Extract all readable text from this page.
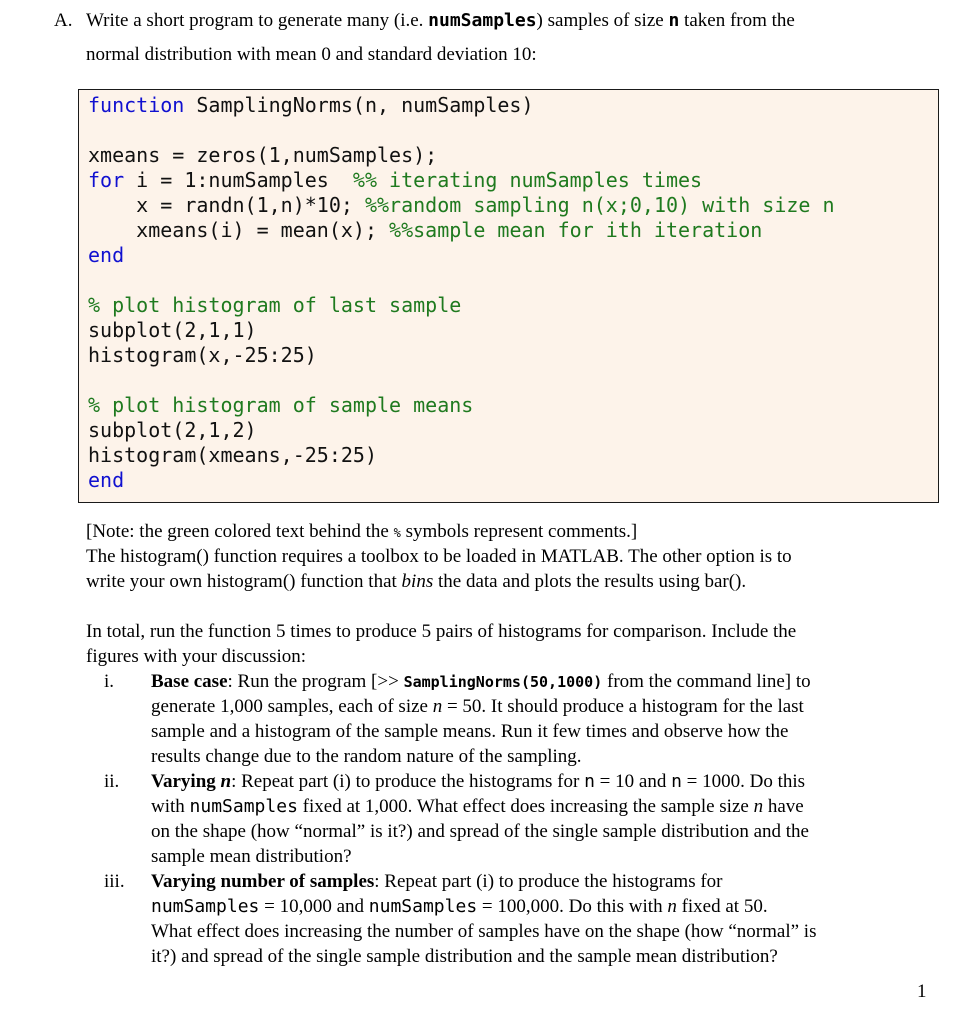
A. Write a short program to generate many (i.e. numSamples) samples of size n taken from the
normal distribution with mean 0 and standard deviation 10:
function SamplingNorms(n, numSamples)
xmeans = zeros(1,numSamples);
for i = 1:numSamples  %% iterating numSamples times
x = randn(1,n)*10; %%random sampling n(x;0,10) with size n
xmeans(i) = mean(x); %%sample mean for ith iteration
end
% plot histogram of last sample
subplot(2,1,1)
histogram(x,-25:25)
% plot histogram of sample means
subplot(2,1,2)
histogram(xmeans,-25:25)
end
[Note: the green colored text behind the % symbols represent comments.]
The histogram() function requires a toolbox to be loaded in MATLAB. The other option is to
write your own histogram() function that bins the data and plots the results using bar().
In total, run the function 5 times to produce 5 pairs of histograms for comparison. Include the
figures with your discussion:
i. Base case: Run the program [>> SamplingNorms(50,1000) from the command line] to
generate 1,000 samples, each of size n = 50. It should produce a histogram for the last
sample and a histogram of the sample means. Run it few times and observe how the
results change due to the random nature of the sampling.
ii. Varying n: Repeat part (i) to produce the histograms for n = 10 and n = 1000. Do this
with numSamples fixed at 1,000. What effect does increasing the sample size n have
on the shape (how “normal” is it?) and spread of the single sample distribution and the
sample mean distribution?
iii. Varying number of samples: Repeat part (i) to produce the histograms for
numSamples = 10,000 and numSamples = 100,000. Do this with n fixed at 50.
What effect does increasing the number of samples have on the shape (how “normal” is
it?) and spread of the single sample distribution and the sample mean distribution?
1
